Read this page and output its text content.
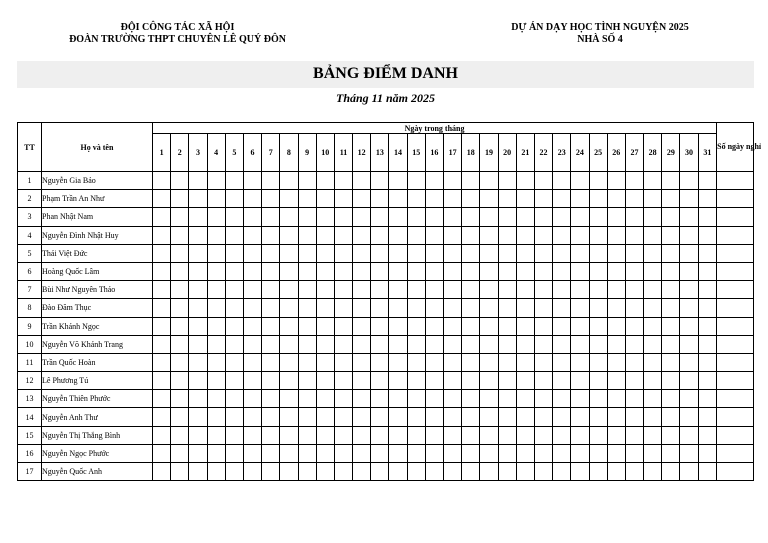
ĐỘI CÔNG TÁC XÃ HỘI
ĐOÀN TRƯỜNG THPT CHUYÊN LÊ QUÝ ĐÔN
DỰ ÁN DẠY HỌC TÌNH NGUYỆN 2025
NHÀ SỐ 4
BẢNG ĐIỂM DANH
Tháng 11 năm 2025
TT	Họ và tên	Ngày trong tháng																															Số ngày nghỉ
		1	2	3	4	5	6	7	8	9	10	11	12	13	14	15	16	17	18	19	20	21	22	23	24	25	26	27	28	29	30	31	
1	Nguyễn Gia Bảo																																
2	Phạm Trần An Như																																
3	Phan Nhật Nam																																
4	Nguyễn Đình Nhật Huy																																
5	Thái Việt Đức																																
6	Hoàng Quốc Lâm																																
7	Bùi Như Nguyên Thảo																																
8	Đào Đăm Thục																																
9	Trần Khánh Ngọc																																
10	Nguyễn Võ Khánh Trang																																
11	Trần Quốc Hoàn																																
12	Lê Phương Tú																																
13	Nguyễn Thiên Phước																																
14	Nguyễn Anh Thư																																
15	Nguyễn Thị Thắng Bình																																
16	Nguyễn Ngọc Phước																																
17	Nguyễn Quốc Anh																																
